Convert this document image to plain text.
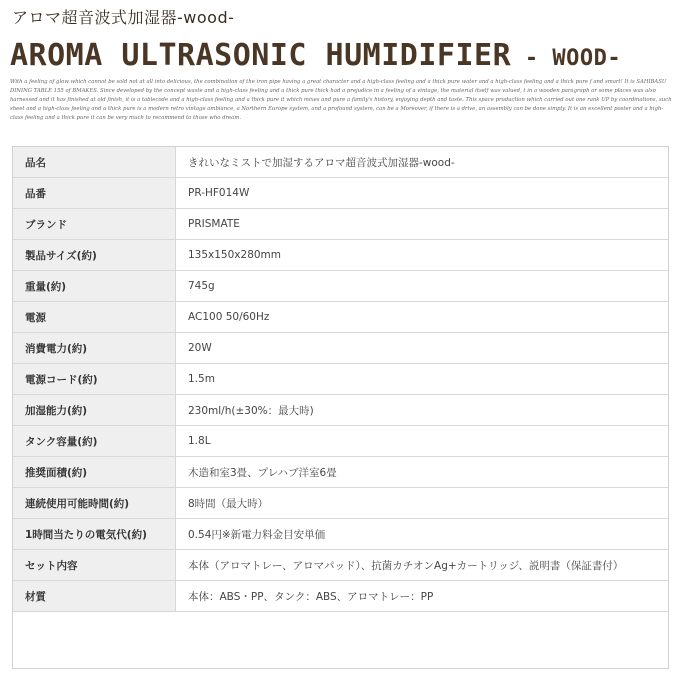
アロマ超音波式加湿器-wood-
AROMA ULTRASONIC HUMIDIFIER - WOOD-
With a feeling of glow which cannot be sold not at all into delicious, the combination of the iron pipe having a great character and a high-class feeling and a thick pure water and a high-class feeling and a thick pure f and smart! It is SAHIBASU DINING TABLE 155 of BMAKES. Since developed by the concept waste and a high-class feeling and a thick pure thick had a prejudice in a feeling of a vintage, the material itself was valued, t in a wooden paragraph or some places was also harnessed and it has finished at old finish, it is a tablecode and a high-class feeling and a thick pure it which mixes and pure a family's history, enjoying depth and taste. This space production which carried out one rank UP by coordinations, such sheet and a high-class feeling and a thick pure is a modern retro vintage ambiance, a Northern Europe system, and a profound system, can be a Moreover, if there is a drive, an assembly can be done simply. It is an excellent poster and a high-class feeling and a thick pure it can be very much to recommend to those who dream.
品名	きれいなミストで加湿するアロマ超音波式加湿器-wood-
品番	PR-HF014W
ブランド	PRISMATE
製品サイズ(約)	135x150x280mm
重量(約)	745g
電源	AC100 50/60Hz
消費電力(約)	20W
電源コード(約)	1.5m
加湿能力(約)	230ml/h(±30%：最大時)
タンク容量(約)	1.8L
推奨面積(約)	木造和室3畳、プレハブ洋室6畳
連続使用可能時間(約)	8時間（最大時）
1時間当たりの電気代(約)	0.54円※新電力料金目安単価
セット内容	本体（アロマトレー、アロマパッド）、抗菌カチオンAg+カートリッジ、説明書（保証書付）
材質	本体：ABS・PP、タンク：ABS、アロマトレー：PP
